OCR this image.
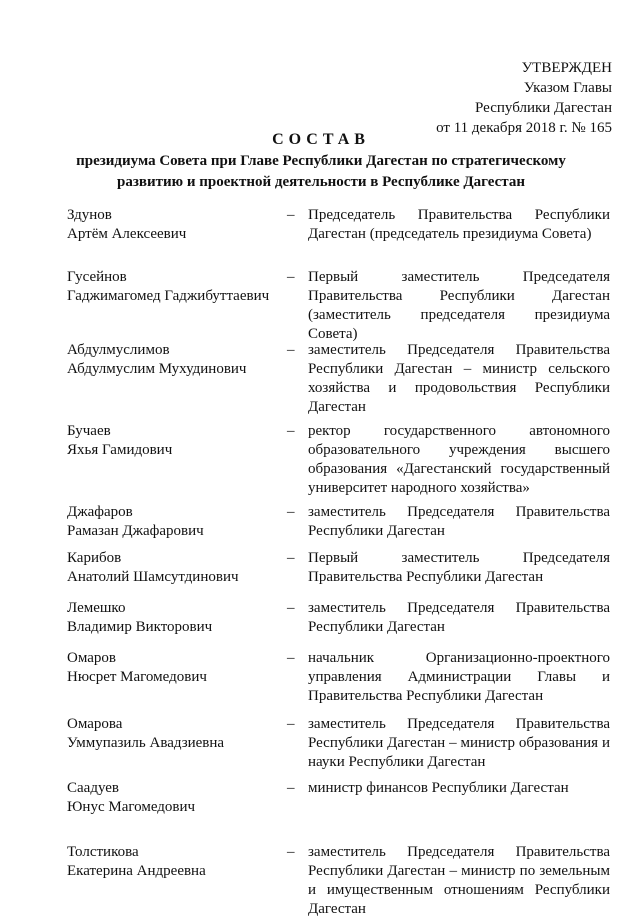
УТВЕРЖДЕН
Указом Главы
Республики Дагестан
от 11 декабря 2018 г. № 165
СОСТАВ
президиума Совета при Главе Республики Дагестан по стратегическому
развитию и проектной деятельности в Республике Дагестан
Здунов
Артём Алексеевич
– Председатель Правительства Республики Дагестан (председатель президиума Совета)
Гусейнов
Гаджимагомед Гаджибуттаевич
– Первый заместитель Председателя Правительства Республики Дагестан (заместитель председателя президиума Совета)
Абдулмуслимов
Абдулмуслим Мухудинович
– заместитель Председателя Правительства Республики Дагестан – министр сельского хозяйства и продовольствия Республики Дагестан
Бучаев
Яхья Гамидович
– ректор государственного автономного образовательного учреждения высшего образования «Дагестанский государственный университет народного хозяйства»
Джафаров
Рамазан Джафарович
– заместитель Председателя Правительства Республики Дагестан
Карибов
Анатолий Шамсутдинович
– Первый заместитель Председателя Правительства Республики Дагестан
Лемешко
Владимир Викторович
– заместитель Председателя Правительства Республики Дагестан
Омаров
Нюсрет Магомедович
– начальник Организационно-проектного управления Администрации Главы и Правительства Республики Дагестан
Омарова
Уммупазиль Авадзиевна
– заместитель Председателя Правительства Республики Дагестан – министр образования и науки Республики Дагестан
Саадуев
Юнус Магомедович
– министр финансов Республики Дагестан
Толстикова
Екатерина Андреевна
– заместитель Председателя Правительства Республики Дагестан – министр по земельным и имущественным отношениям Республики Дагестан
